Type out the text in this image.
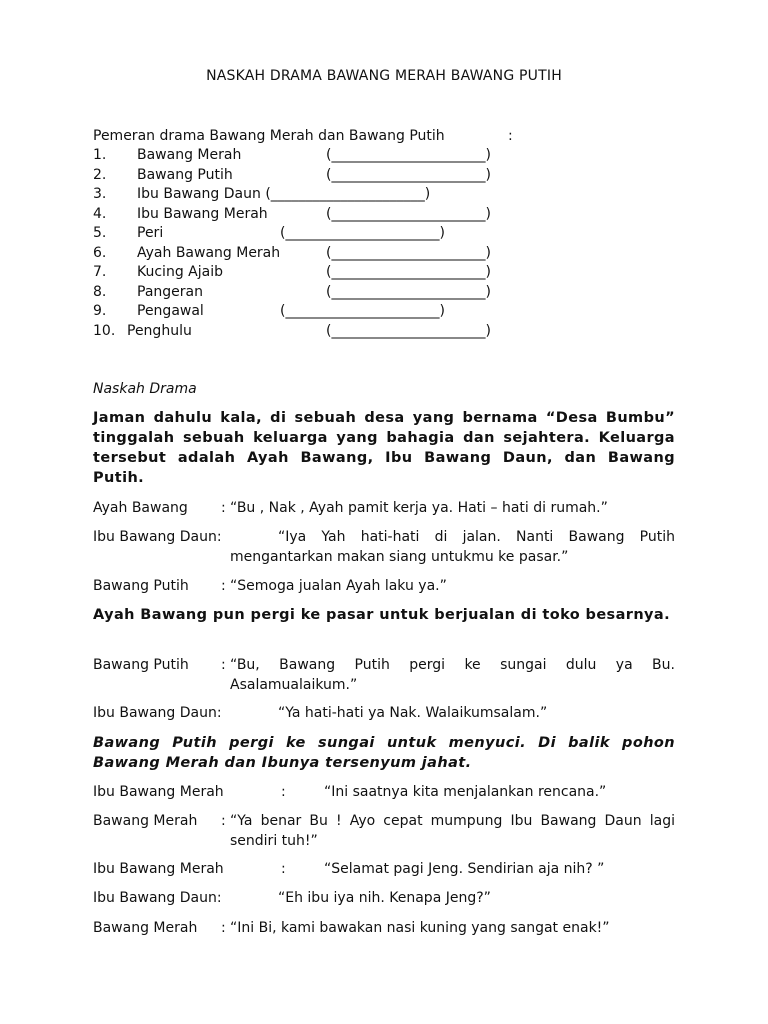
NASKAH DRAMA BAWANG MERAH BAWANG PUTIH
Pemeran drama Bawang Merah dan Bawang Putih	:
1. Bawang Merah	(______________________)
2. Bawang Putih	(______________________)
3. Ibu Bawang Daun (______________________)
4. Ibu Bawang Merah	(______________________)
5. Peri	(______________________)
6. Ayah Bawang Merah	(______________________)
7. Kucing Ajaib	(______________________)
8. Pangeran	(______________________)
9. Pengawal	(______________________)
10. Penghulu	(______________________)
Naskah Drama
Jaman dahulu kala, di sebuah desa yang bernama “Desa Bumbu” tinggalah sebuah keluarga yang bahagia dan sejahtera. Keluarga tersebut adalah Ayah Bawang, Ibu Bawang Daun, dan Bawang Putih.
Ayah Bawang : “Bu , Nak , Ayah pamit kerja ya. Hati – hati di rumah.”
Ibu Bawang Daun:	“Iya Yah hati-hati di jalan. Nanti Bawang Putih mengantarkan makan siang untukmu ke pasar.”
Bawang Putih : “Semoga jualan Ayah laku ya.”
Ayah Bawang pun pergi ke pasar untuk berjualan di toko besarnya.
Bawang Putih : “Bu, Bawang Putih pergi ke sungai dulu ya Bu. Asalamualaikum.”
Ibu Bawang Daun:	“Ya hati-hati ya Nak. Walaikumsalam.”
Bawang Putih pergi ke sungai untuk menyuci. Di balik pohon Bawang Merah dan Ibunya tersenyum jahat.
Ibu Bawang Merah	:	“Ini saatnya kita menjalankan rencana.”
Bawang Merah : “Ya benar Bu ! Ayo cepat mumpung Ibu Bawang Daun lagi sendiri tuh!”
Ibu Bawang Merah	:	“Selamat pagi Jeng. Sendirian aja nih? ”
Ibu Bawang Daun:	“Eh ibu iya nih. Kenapa Jeng?”
Bawang Merah : “Ini Bi, kami bawakan nasi kuning yang sangat enak!”
